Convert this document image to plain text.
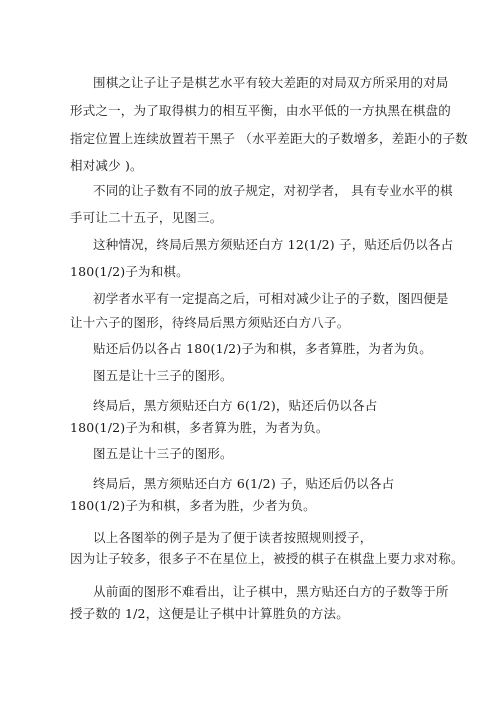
围棋之让子让子是棋艺水平有较大差距的对局双方所采用的对局
形式之一，为了取得棋力的相互平衡，由水平低的一方执黑在棋盘的
指定位置上连续放置若干黑子 （水平差距大的子数增多，差距小的子数
相对减少 )。
不同的让子数有不同的放子规定，对初学者， 具有专业水平的棋
手可让二十五子，见图三。
这种情况，终局后黑方须贴还白方 12(1/2) 子，贴还后仍以各占
180(1/2)子为和棋。
初学者水平有一定提高之后，可相对减少让子的子数，图四便是
让十六子的图形，待终局后黑方须贴还白方八子。
贴还后仍以各占 180(1/2)子为和棋，多者算胜，为者为负。
图五是让十三子的图形。
终局后，黑方须贴还白方 6(1/2)，贴还后仍以各占
180(1/2)子为和棋，多者算为胜，为者为负。
图五是让十三子的图形。
终局后，黑方须贴还白方 6(1/2) 子，贴还后仍以各占
180(1/2)子为和棋，多者为胜，少者为负。
以上各图举的例子是为了便于读者按照规则授子，
因为让子较多，很多子不在星位上，被授的棋子在棋盘上要力求对称。
从前面的图形不难看出，让子棋中，黑方贴还白方的子数等于所
授子数的 1/2，这便是让子棋中计算胜负的方法。
